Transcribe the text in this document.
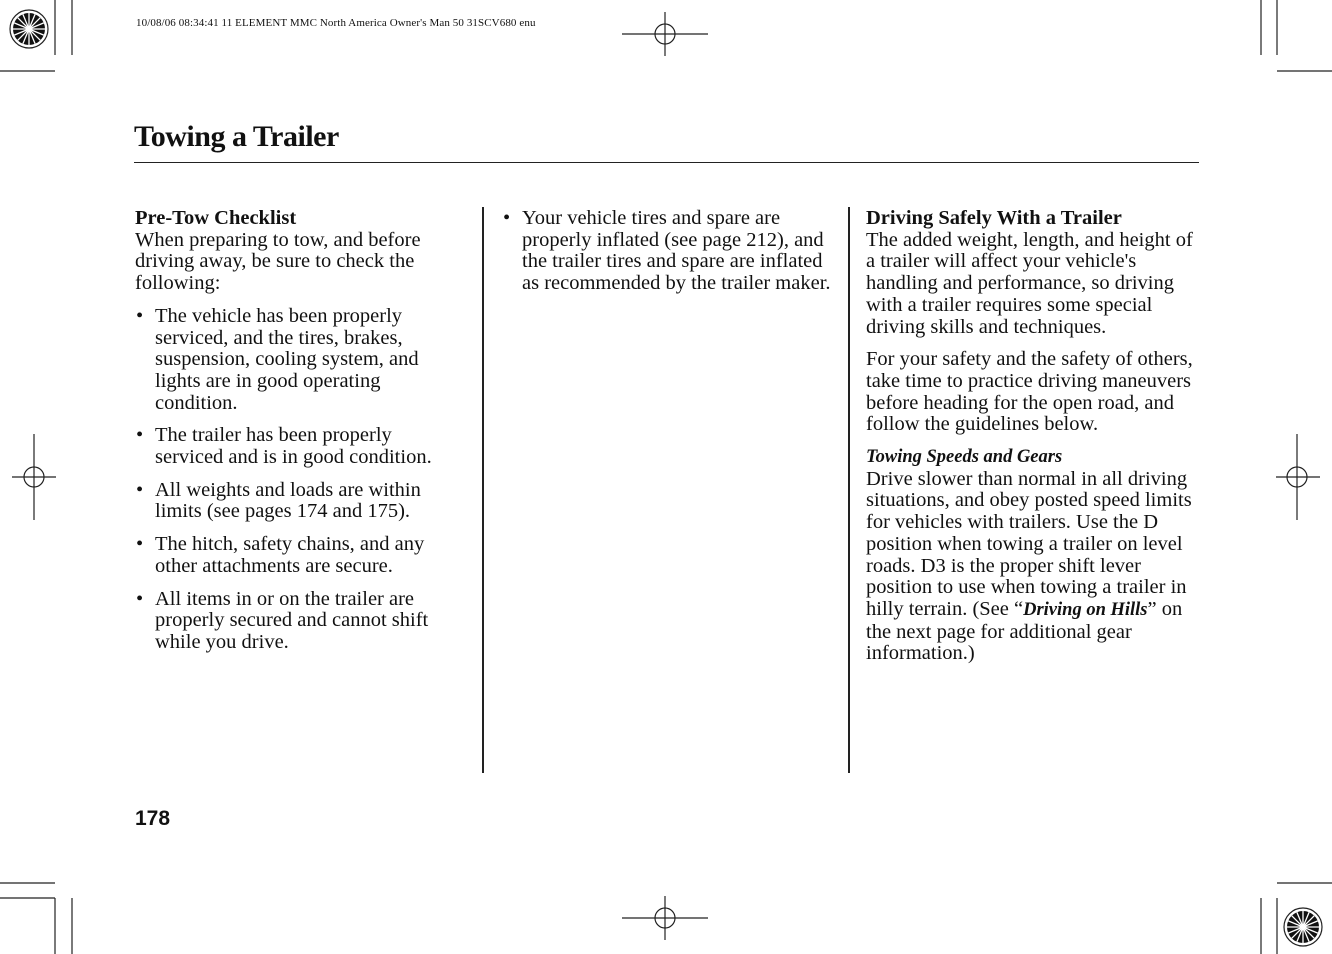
10/08/06 08:34:41 11 ELEMENT MMC North America Owner's Man 50 31SCV680 enu
Towing a Trailer
Pre-Tow Checklist

When preparing to tow, and before driving away, be sure to check the following:

• The vehicle has been properly serviced, and the tires, brakes, suspension, cooling system, and lights are in good operating condition.
• The trailer has been properly serviced and is in good condition.
• All weights and loads are within limits (see pages 174 and 175).
• The hitch, safety chains, and any other attachments are secure.
• All items in or on the trailer are properly secured and cannot shift while you drive.
• Your vehicle tires and spare are properly inflated (see page 212), and the trailer tires and spare are inflated as recommended by the trailer maker.
Driving Safely With a Trailer

The added weight, length, and height of a trailer will affect your vehicle's handling and performance, so driving with a trailer requires some special driving skills and techniques.

For your safety and the safety of others, take time to practice driving maneuvers before heading for the open road, and follow the guidelines below.

Towing Speeds and Gears

Drive slower than normal in all driving situations, and obey posted speed limits for vehicles with trailers. Use the D position when towing a trailer on level roads. D3 is the proper shift lever position to use when towing a trailer in hilly terrain. (See “Driving on Hills” on the next page for additional gear information.)

178
